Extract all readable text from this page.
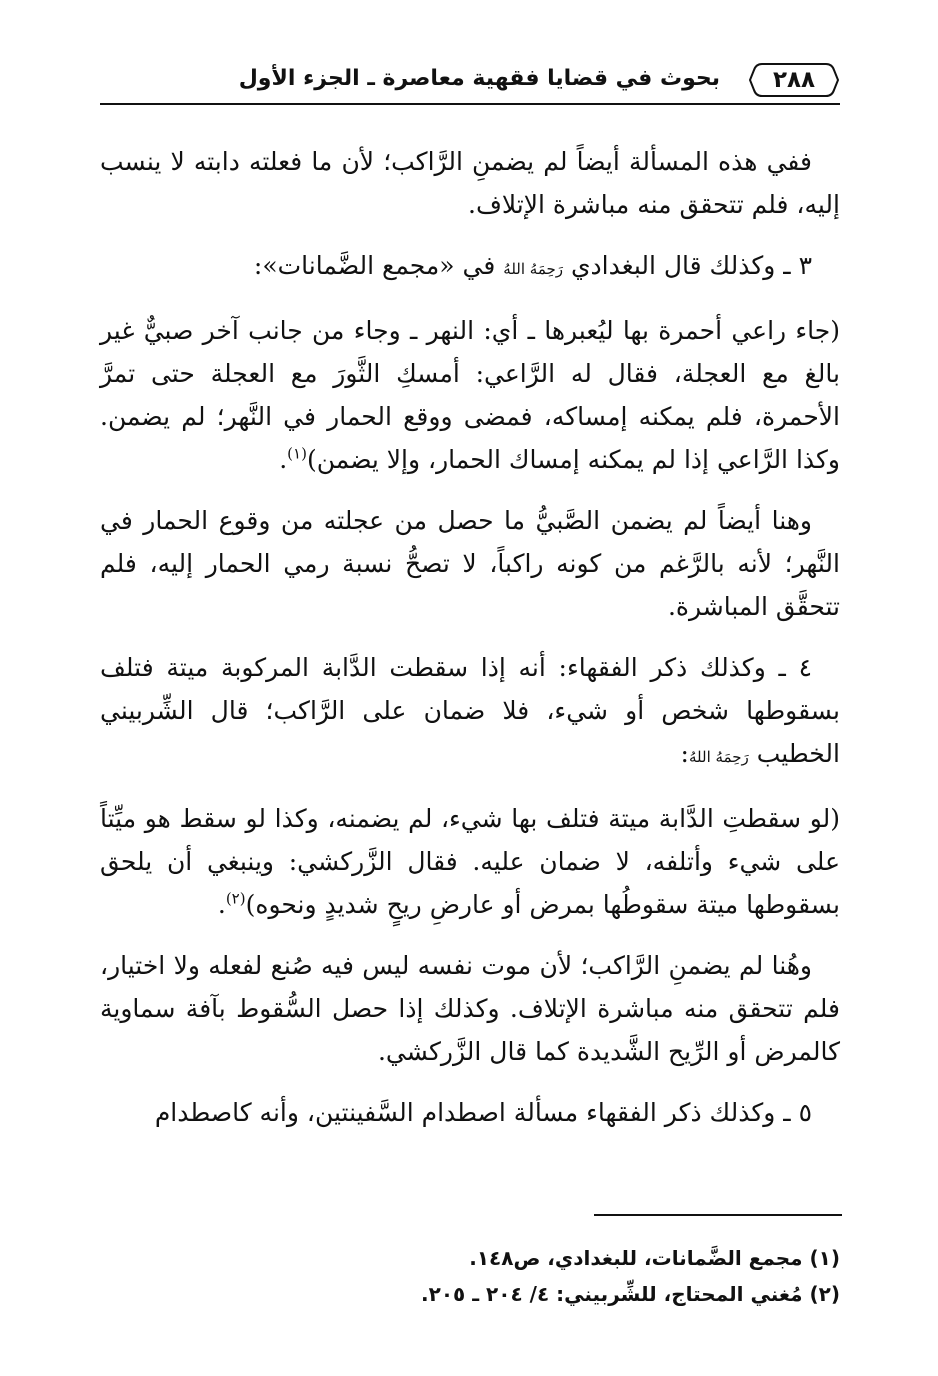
٢٨٨
بحوث في قضايا فقهية معاصرة ـ الجزء الأول

ففي هذه المسألة أيضاً لم يضمنِ الرَّاكب؛ لأن ما فعلته دابته لا ينسب إليه، فلم تتحقق منه مباشرة الإتلاف.

٣ ـ وكذلك قال البغدادي رَحِمَهُ اللهُ في «مجمع الضَّمانات»:

(جاء راعي أحمرة بها ليُعبرها ـ أي: النهر ـ وجاء من جانب آخر صبيٌّ غير بالغ مع العجلة، فقال له الرَّاعي: أمسكِ الثَّورَ مع العجلة حتى تمرَّ الأحمرة، فلم يمكنه إمساكه، فمضى ووقع الحمار في النَّهر؛ لم يضمن. وكذا الرَّاعي إذا لم يمكنه إمساك الحمار، وإلا يضمن)$^{(١)}$.

وهنا أيضاً لم يضمن الصَّبيُّ ما حصل من عجلته من وقوع الحمار في النَّهر؛ لأنه بالرَّغم من كونه راكباً، لا تصحُّ نسبة رمي الحمار إليه، فلم تتحقَّق المباشرة.

٤ ـ وكذلك ذكر الفقهاء: أنه إذا سقطت الدَّابة المركوبة ميتة فتلف بسقوطها شخص أو شيء، فلا ضمان على الرَّاكب؛ قال الشِّربيني الخطيب رَحِمَهُ اللهُ:

(لو سقطتِ الدَّابة ميتة فتلف بها شيء، لم يضمنه، وكذا لو سقط هو ميِّتاً على شيء وأتلفه، لا ضمان عليه. فقال الزَّركشي: وينبغي أن يلحق بسقوطها ميتة سقوطُها بمرض أو عارضِ ريحٍ شديدٍ ونحوه)$^{(٢)}$.

وهُنا لم يضمنِ الرَّاكب؛ لأن موت نفسه ليس فيه صُنع لفعله ولا اختيار، فلم تتحقق منه مباشرة الإتلاف. وكذلك إذا حصل السُّقوط بآفة سماوية كالمرض أو الرِّيح الشَّديدة كما قال الزَّركشي.

٥ ـ وكذلك ذكر الفقهاء مسألة اصطدام السَّفينتين، وأنه كاصطدام

(١) مجمع الضَّمانات، للبغدادي، ص١٤٨.

(٢) مُغني المحتاج، للشِّربيني: ٤/ ٢٠٤ ـ ٢٠٥.
